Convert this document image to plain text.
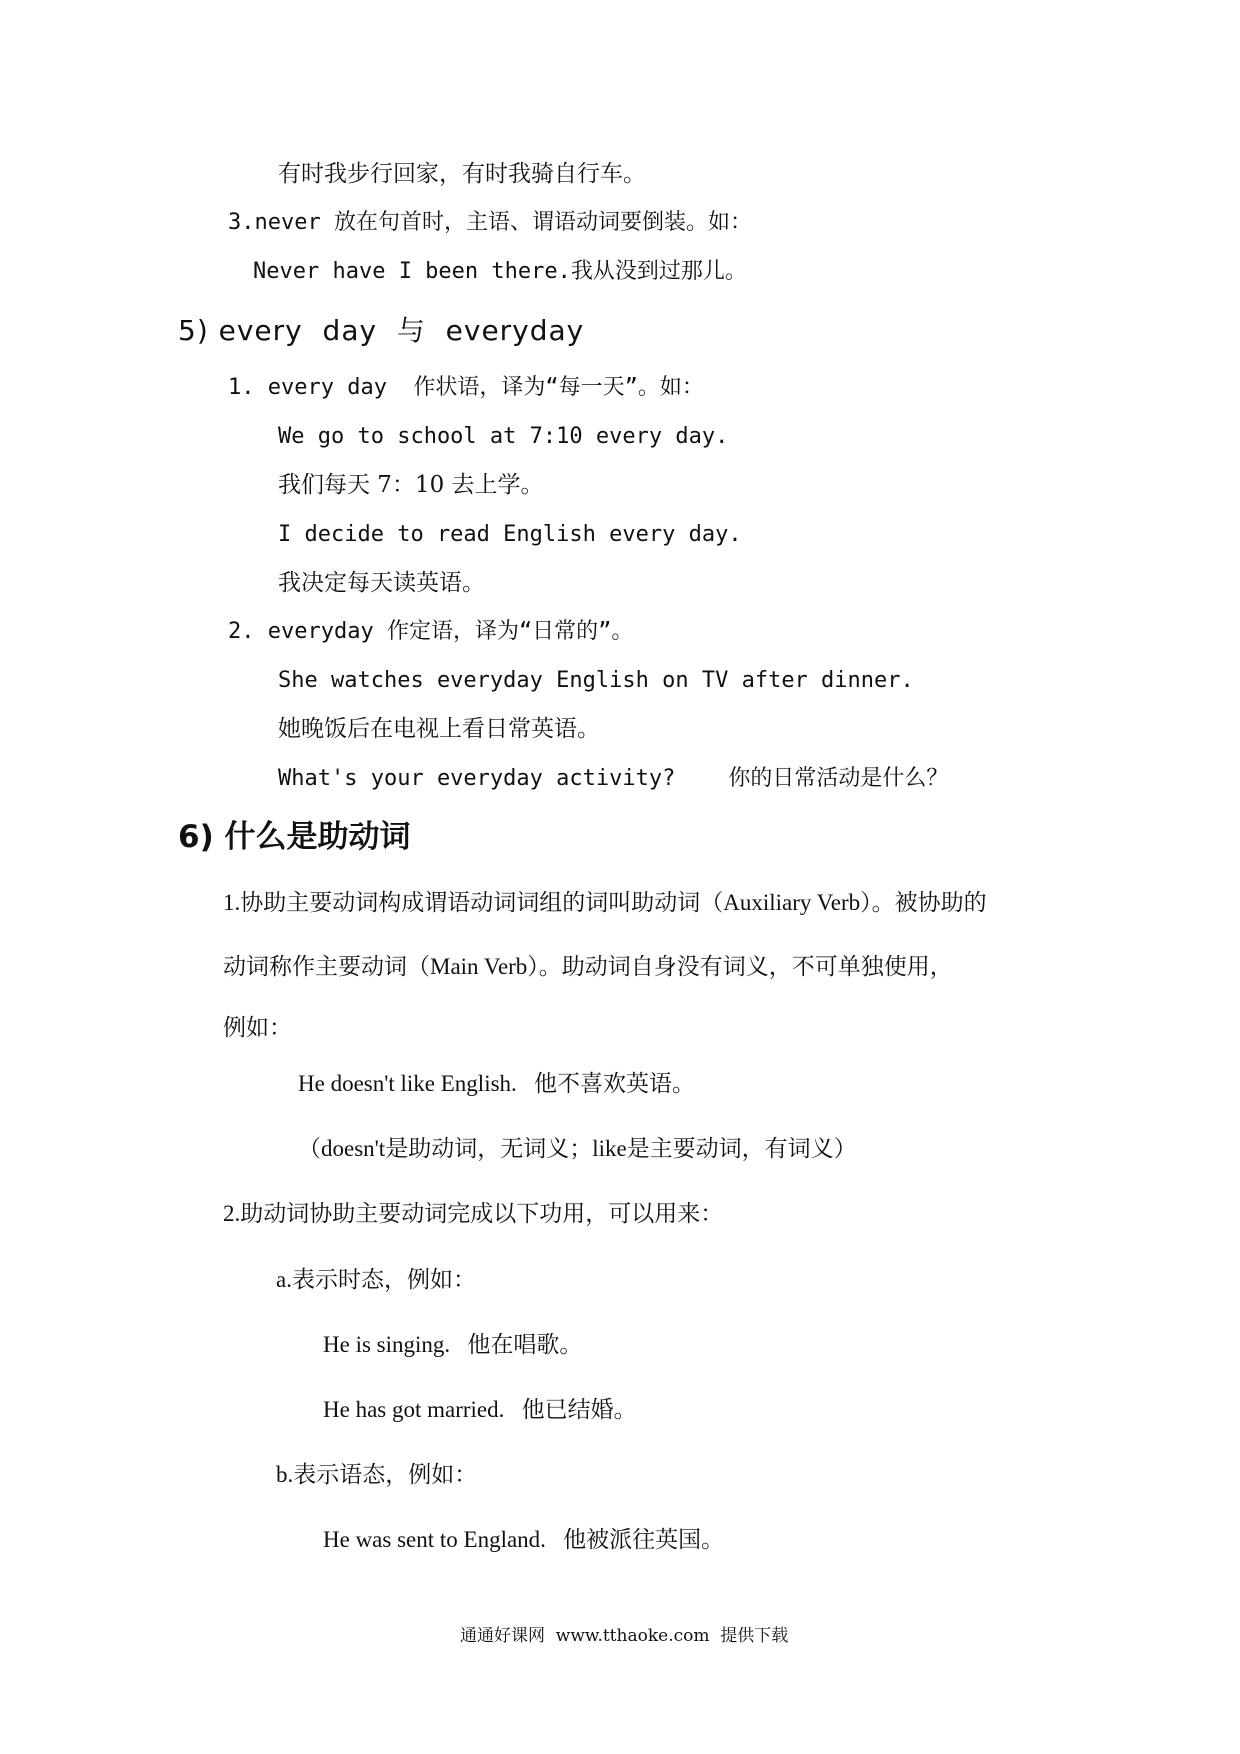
有时我步行回家，有时我骑自行车。
3.never 放在句首时，主语、谓语动词要倒装。如：
Never have I been there.我从没到过那儿。
5) every  day  与  everyday
1. every day  作状语，译为“每一天”。如：
We go to school at 7:10 every day.
我们每天 7：10 去上学。
I decide to read English every day.
我决定每天读英语。
2. everyday 作定语，译为“日常的”。
She watches everyday English on TV after dinner.
她晚饭后在电视上看日常英语。
What's your everyday activity?    你的日常活动是什么？
6) 什么是助动词
1.协助主要动词构成谓语动词词组的词叫助动词（Auxiliary Verb）。被协助的
动词称作主要动词（Main Verb）。助动词自身没有词义，不可单独使用，
例如：
He doesn't like English.   他不喜欢英语。
（doesn't是助动词，无词义；like是主要动词，有词义）
2.助动词协助主要动词完成以下功用，可以用来：
a.表示时态，例如：
He is singing.   他在唱歌。
He has got married.   他已结婚。
b.表示语态，例如：
He was sent to England.   他被派往英国。
通通好课网  www.tthaoke.com  提供下载
